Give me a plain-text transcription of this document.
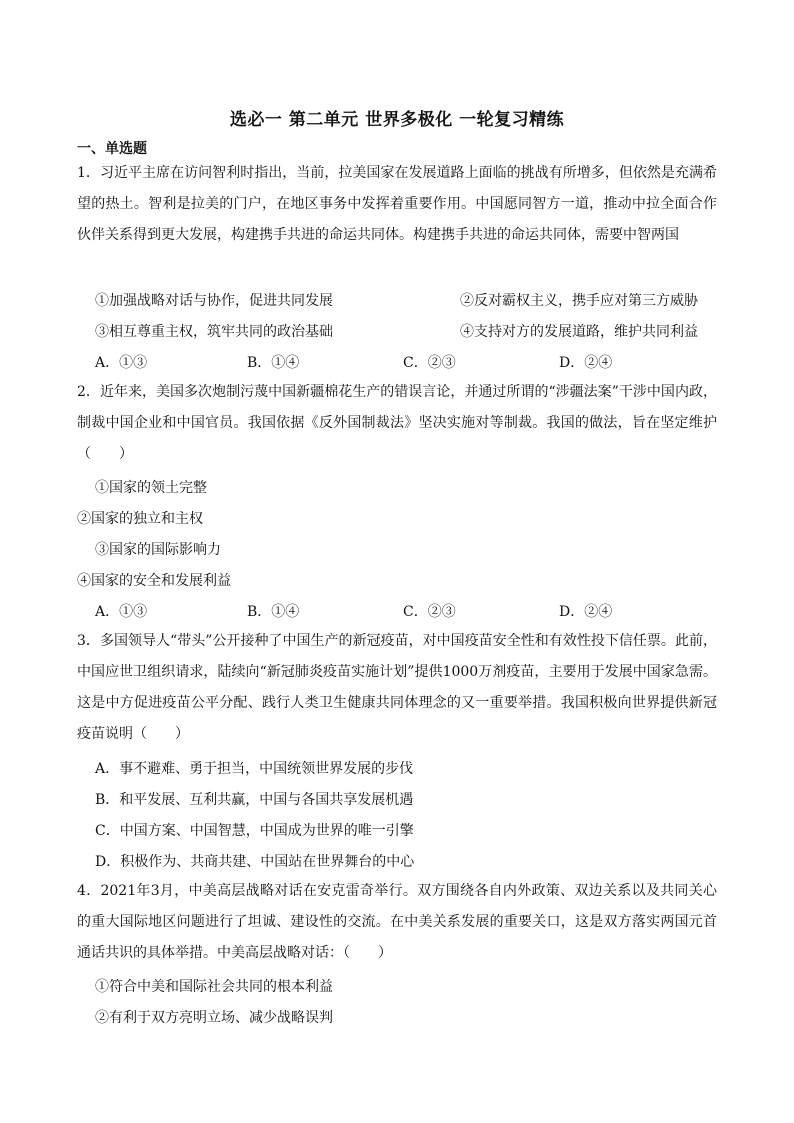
选必一 第二单元 世界多极化 一轮复习精练
一、单选题
1．习近平主席在访问智利时指出，当前，拉美国家在发展道路上面临的挑战有所增多，但依然是充满希望的热土。智利是拉美的门户，在地区事务中发挥着重要作用。中国愿同智方一道，推动中拉全面合作伙伴关系得到更大发展，构建携手共进的命运共同体。构建携手共进的命运共同体，需要中智两国
①加强战略对话与协作，促进共同发展	②反对霸权主义，携手应对第三方威胁
③相互尊重主权，筑牢共同的政治基础	④支持对方的发展道路，维护共同利益
A．①③	B．①④	C．②③	D．②④
2．近年来，美国多次炮制污蔑中国新疆棉花生产的错误言论，并通过所谓的“涉疆法案”干涉中国内政，制裁中国企业和中国官员。我国依据《反外国制裁法》坚决实施对等制裁。我国的做法，旨在坚定维护（　　）
①国家的领土完整
②国家的独立和主权
③国家的国际影响力
④国家的安全和发展利益
A．①③	B．①④	C．②③	D．②④
3．多国领导人“带头”公开接种了中国生产的新冠疫苗，对中国疫苗安全性和有效性投下信任票。此前，中国应世卫组织请求，陆续向“新冠肺炎疫苗实施计划”提供1000万剂疫苗，主要用于发展中国家急需。这是中方促进疫苗公平分配、践行人类卫生健康共同体理念的又一重要举措。我国积极向世界提供新冠疫苗说明（　　）
A．事不避难、勇于担当，中国统领世界发展的步伐
B．和平发展、互利共赢，中国与各国共享发展机遇
C．中国方案、中国智慧，中国成为世界的唯一引擎
D．积极作为、共商共建、中国站在世界舞台的中心
4．2021年3月，中美高层战略对话在安克雷奇举行。双方围绕各自内外政策、双边关系以及共同关心的重大国际地区问题进行了坦诚、建设性的交流。在中美关系发展的重要关口，这是双方落实两国元首通话共识的具体举措。中美高层战略对话：（　　）
①符合中美和国际社会共同的根本利益
②有利于双方亮明立场、减少战略误判
